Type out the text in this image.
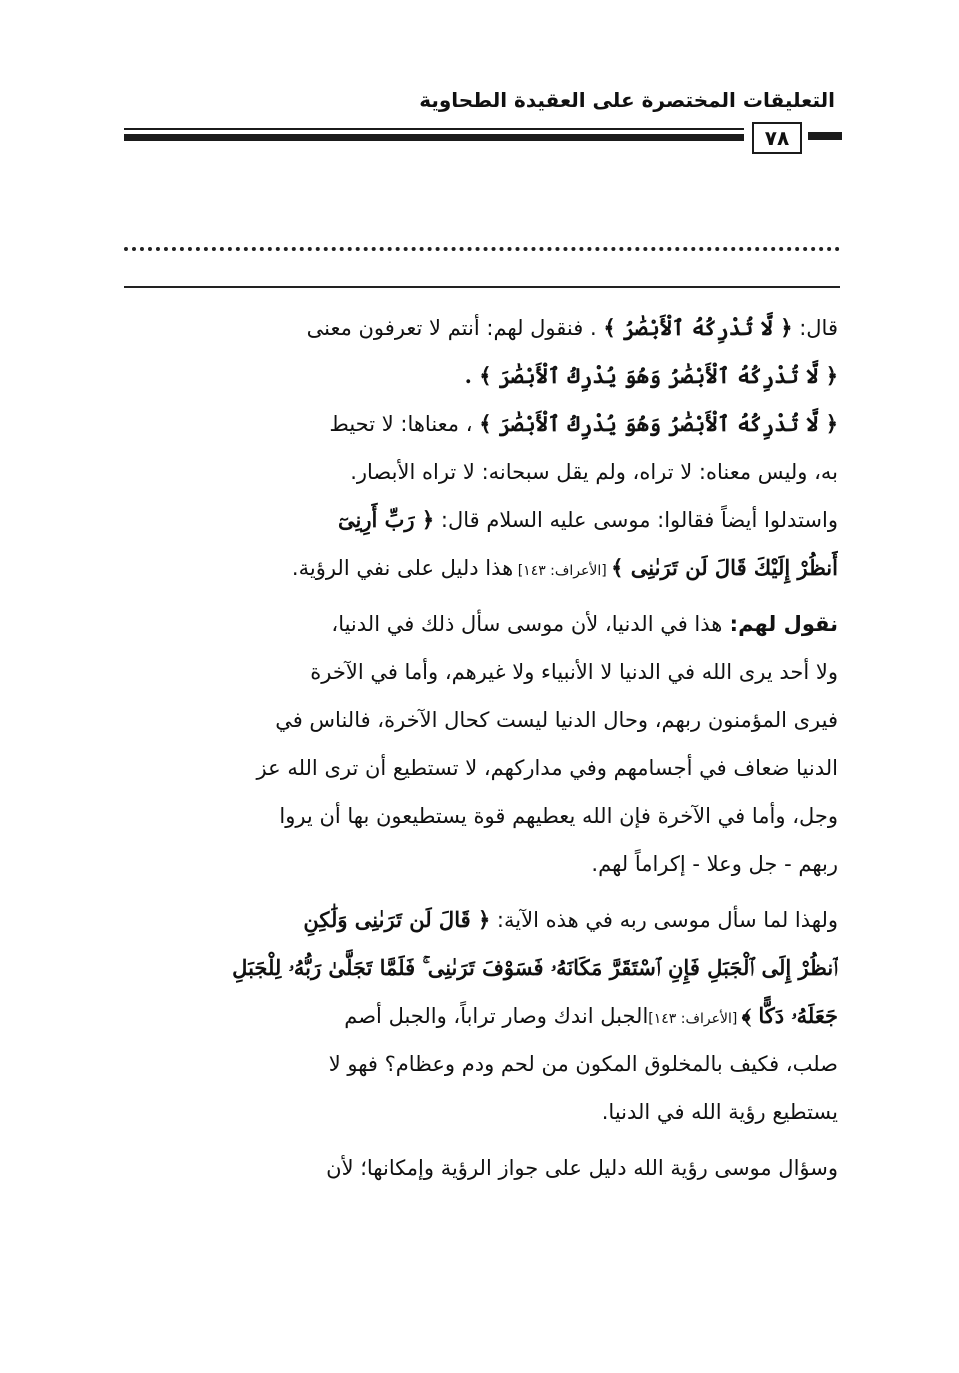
التعليقات المختصرة على العقيدة الطحاوية
٧٨
قال: ﴿ لَّا تُدْرِكُهُ ٱلْأَبْصَٰرُ ﴾ . فنقول لهم: أنتم لا تعرفون معنى
﴿ لَّا تُدْرِكُهُ ٱلْأَبْصَٰرُ وَهُوَ يُدْرِكُ ٱلْأَبْصَٰرَ ﴾ .
﴿ لَّا تُدْرِكُهُ ٱلْأَبْصَٰرُ وَهُوَ يُدْرِكُ ٱلْأَبْصَٰرَ ﴾ ، معناها: لا تحيط
به، وليس معناه: لا تراه، ولم يقل سبحانه: لا تراه الأبصار.
واستدلوا أيضاً فقالوا: موسى عليه السلام قال: ﴿ رَبِّ أَرِنِىٓ
أَنظُرْ إِلَيْكَ قَالَ لَن تَرَىٰنِى ﴾ [الأعراف: ١٤٣] هذا دليل على نفي الرؤية.
نقول لهم: هذا في الدنيا، لأن موسى سأل ذلك في الدنيا،
ولا أحد يرى الله في الدنيا لا الأنبياء ولا غيرهم، وأما في الآخرة
فيرى المؤمنون ربهم، وحال الدنيا ليست كحال الآخرة، فالناس في
الدنيا ضعاف في أجسامهم وفي مداركهم، لا تستطيع أن ترى الله عز
وجل، وأما في الآخرة فإن الله يعطيهم قوة يستطيعون بها أن يروا
ربهم - جل وعلا - إكراماً لهم.
ولهذا لما سأل موسى ربه في هذه الآية: ﴿ قَالَ لَن تَرَىٰنِى وَلَٰكِنِ
ٱنظُرْ إِلَى ٱلْجَبَلِ فَإِنِ ٱسْتَقَرَّ مَكَانَهُۥ فَسَوْفَ تَرَىٰنِى ۚ فَلَمَّا تَجَلَّىٰ رَبُّهُۥ لِلْجَبَلِ
جَعَلَهُۥ دَكًّا ﴾ [الأعراف: ١٤٣]الجبل اندك وصار تراباً، والجبل أصم
صلب، فكيف بالمخلوق المكون من لحم ودم وعظام؟ فهو لا
يستطيع رؤية الله في الدنيا.
وسؤال موسى رؤية الله دليل على جواز الرؤية وإمكانها؛ لأن
